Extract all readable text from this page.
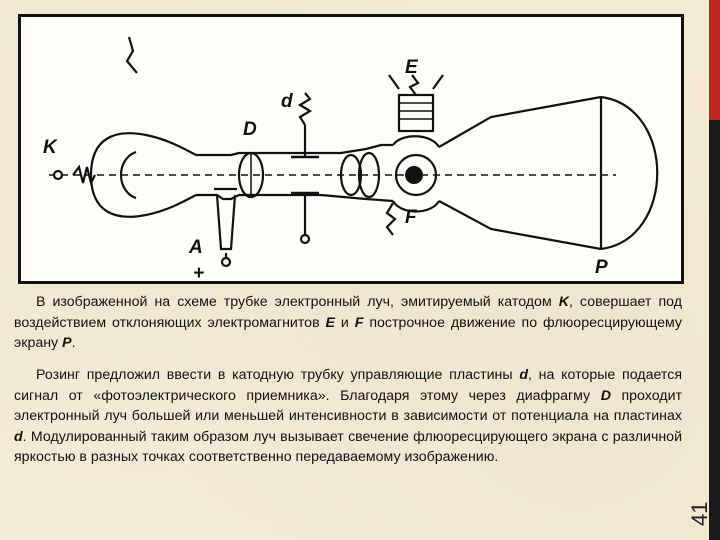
K
D
d
E
F
A
+	P

В изображенной на схеме трубке электронный луч, эмитируемый катодом K, совершает под воздействием отклоняющих электромагнитов E и F построчное движение по флюоресцирующему экрану P.

Розинг предложил ввести в катодную трубку управляющие пластины d, на которые подается сигнал от «фотоэлектрического приемника». Благодаря этому через диафрагму D проходит электронный луч большей или меньшей интенсивности в зависимости от потенциала на пластинах d. Модулированный таким образом луч вызывает свечение флюоресцирующего экрана с различной яркостью в разных точках соответственно передаваемому изображению.

41
